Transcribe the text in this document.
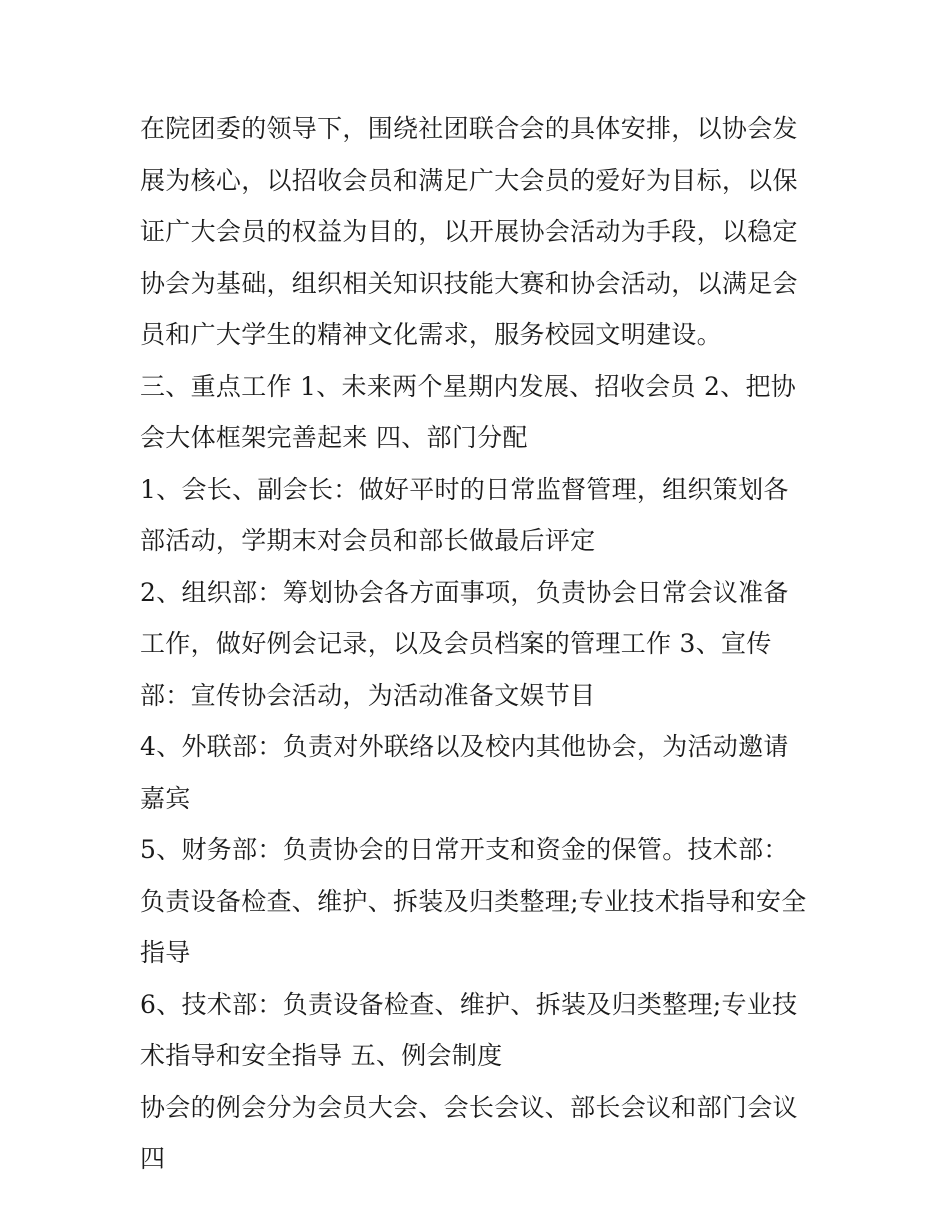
在院团委的领导下，围绕社团联合会的具体安排，以协会发展为核心，以招收会员和满足广大会员的爱好为目标，以保证广大会员的权益为目的，以开展协会活动为手段，以稳定协会为基础，组织相关知识技能大赛和协会活动，以满足会员和广大学生的精神文化需求，服务校园文明建设。

三、重点工作 1、未来两个星期内发展、招收会员 2、把协会大体框架完善起来 四、部门分配

1、会长、副会长：做好平时的日常监督管理，组织策划各部活动，学期末对会员和部长做最后评定

2、组织部：筹划协会各方面事项，负责协会日常会议准备工作，做好例会记录，以及会员档案的管理工作 3、宣传部：宣传协会活动，为活动准备文娱节目

4、外联部：负责对外联络以及校内其他协会，为活动邀请嘉宾

5、财务部：负责协会的日常开支和资金的保管。技术部：负责设备检查、维护、拆装及归类整理;专业技术指导和安全指导

6、技术部：负责设备检查、维护、拆装及归类整理;专业技术指导和安全指导 五、例会制度

协会的例会分为会员大会、会长会议、部长会议和部门会议四
